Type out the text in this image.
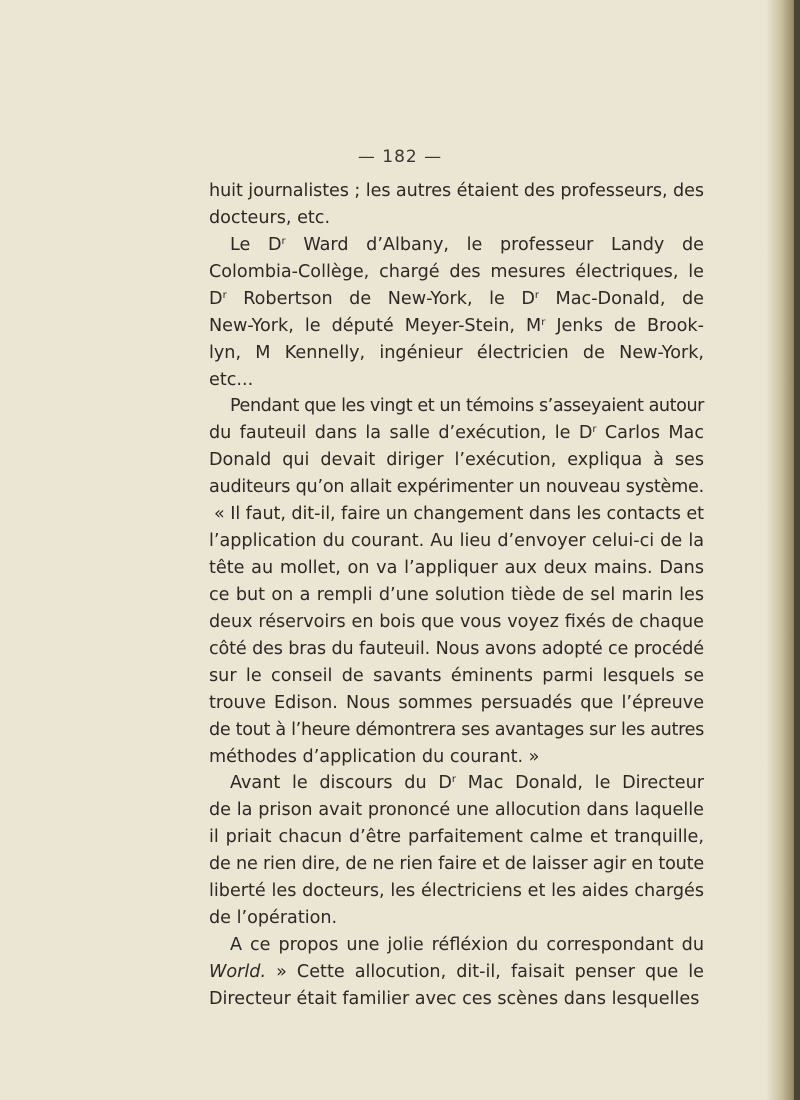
— 182 —
huit journalistes ; les autres étaient des professeurs, des
docteurs, etc.
Le $D^r$ Ward d’Albany, le professeur Landy de
Colombia-Collège, chargé des mesures électriques, le
$D^r$ Robertson de New-York, le $D^r$ Mac-Donald, de
New-York, le député Meyer-Stein, $M^r$ Jenks de Brook-
lyn, M Kennelly, ingénieur électricien de New-York,
etc...
Pendant que les vingt et un témoins s’asseyaient autour
du fauteuil dans la salle d’exécution, le $D^r$ Carlos Mac
Donald qui devait diriger l’exécution, expliqua à ses
auditeurs qu’on allait expérimenter un nouveau système.
« Il faut, dit-il, faire un changement dans les contacts et
l’application du courant. Au lieu d’envoyer celui-ci de la
tête au mollet, on va l’appliquer aux deux mains. Dans
ce but on a rempli d’une solution tiède de sel marin les
deux réservoirs en bois que vous voyez fixés de chaque
côté des bras du fauteuil. Nous avons adopté ce procédé
sur le conseil de savants éminents parmi lesquels se
trouve Edison. Nous sommes persuadés que l’épreuve
de tout à l’heure démontrera ses avantages sur les autres
méthodes d’application du courant. »
Avant le discours du $D^r$ Mac Donald, le Directeur
de la prison avait prononcé une allocution dans laquelle
il priait chacun d’être parfaitement calme et tranquille,
de ne rien dire, de ne rien faire et de laisser agir en toute
liberté les docteurs, les électriciens et les aides chargés
de l’opération.
A ce propos une jolie réfléxion du correspondant du
World. » Cette allocution, dit-il, faisait penser que le
Directeur était familier avec ces scènes dans lesquelles
